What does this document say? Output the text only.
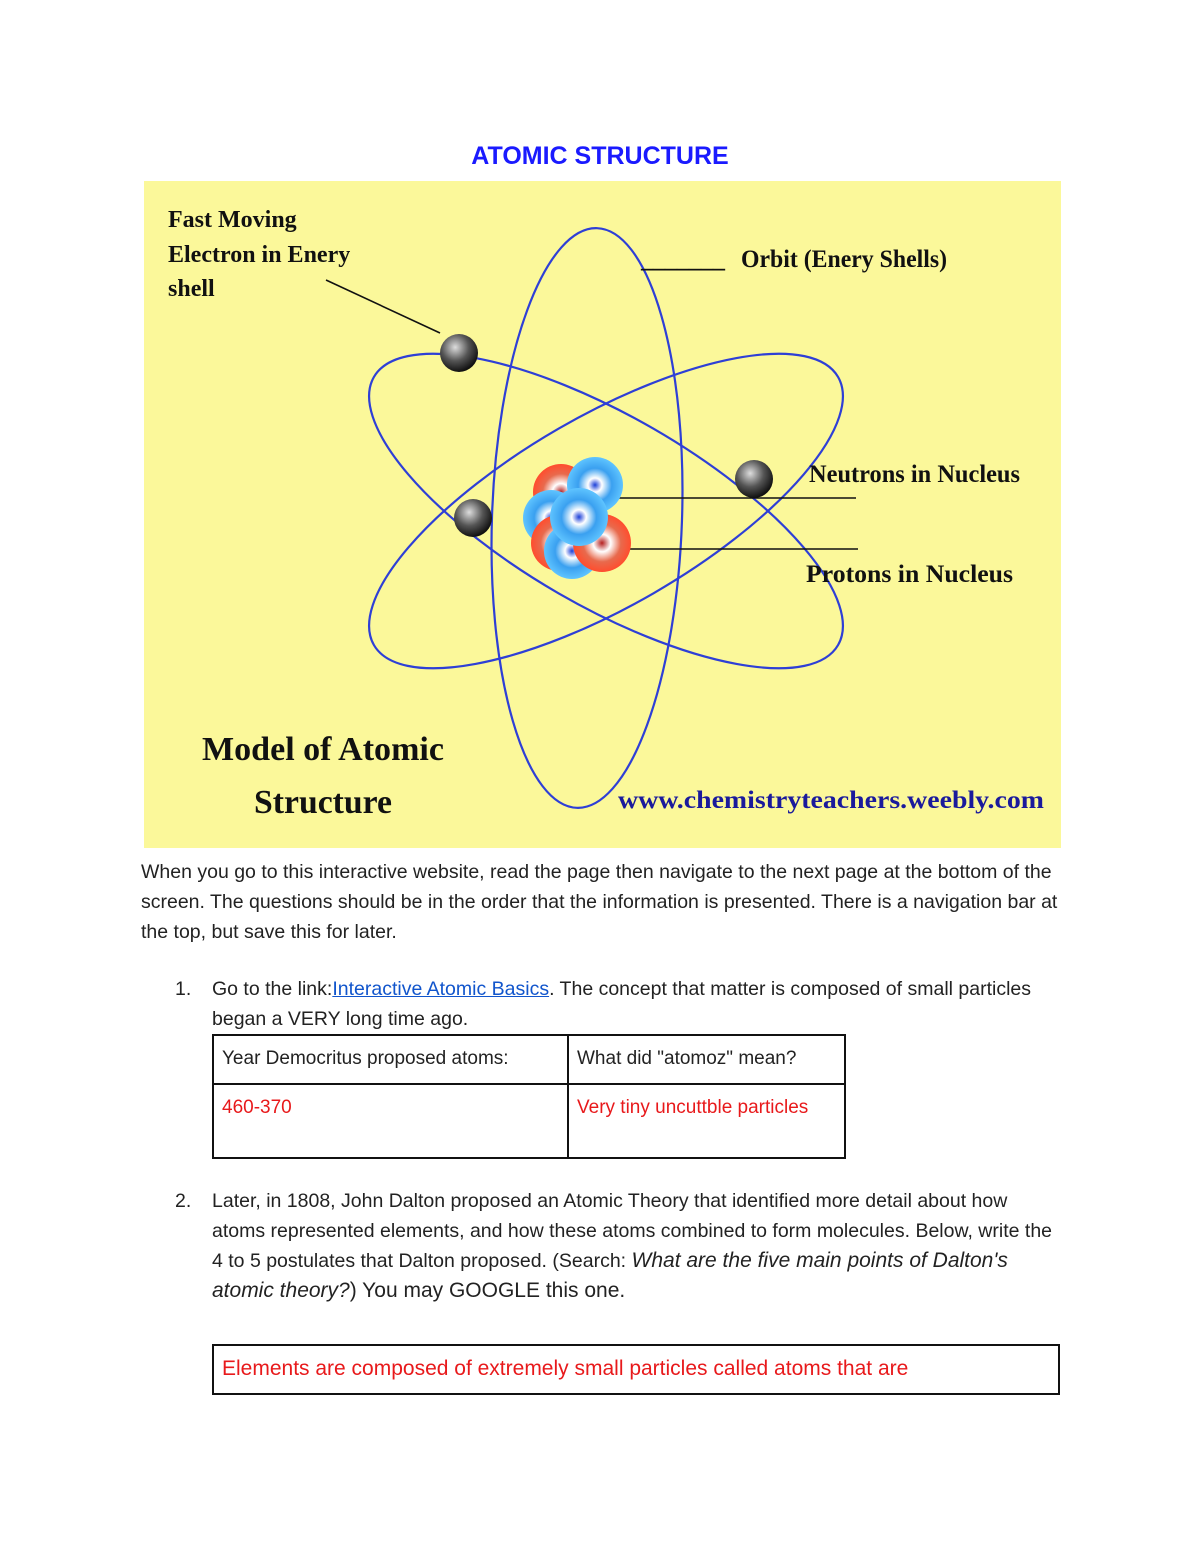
ATOMIC STRUCTURE
Fast Moving
Electron in Enery
shell
_______ Orbit (Enery Shells)
Neutrons in Nucleus
Protons in Nucleus
Model of Atomic
Structure	www.chemistryteachers.weebly.com

When you go to this interactive website, read the page then navigate to the next page at the bottom of the screen. The questions should be in the order that the information is presented. There is a navigation bar at the top, but save this for later.

1. Go to the link:Interactive Atomic Basics. The concept that matter is composed of small particles began a VERY long time ago.

Year Democritus proposed atoms:	What did "atomoz" mean?
460-370	Very tiny uncuttble particles
2. Later, in 1808, John Dalton proposed an Atomic Theory that identified more detail about how atoms represented elements, and how these atoms combined to form molecules. Below, write the 4 to 5 postulates that Dalton proposed. (Search: What are the five main points of Dalton's atomic theory?) You may GOOGLE this one.

Elements are composed of extremely small particles called atoms that are
